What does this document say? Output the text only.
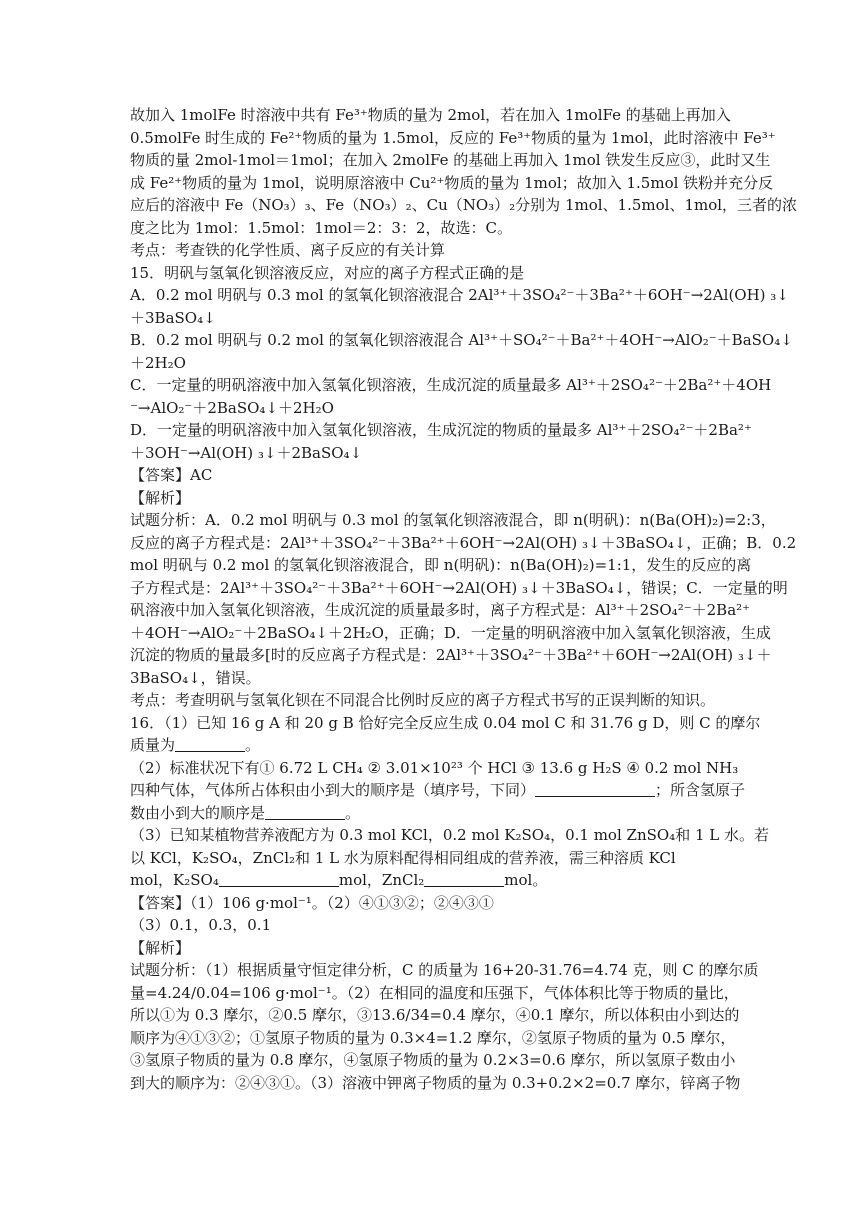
故加入 1molFe 时溶液中共有 Fe³⁺物质的量为 2mol，若在加入 1molFe 的基础上再加入
0.5molFe 时生成的 Fe²⁺物质的量为 1.5mol，反应的 Fe³⁺物质的量为 1mol，此时溶液中 Fe³⁺
物质的量 2mol-1mol＝1mol；在加入 2molFe 的基础上再加入 1mol 铁发生反应③，此时又生
成 Fe²⁺物质的量为 1mol，说明原溶液中 Cu²⁺物质的量为 1mol；故加入 1.5mol 铁粉并充分反
应后的溶液中 Fe（NO₃）₃、Fe（NO₃）₂、Cu（NO₃）₂分别为 1mol、1.5mol、1mol，三者的浓
度之比为 1mol：1.5mol：1mol＝2：3：2，故选：C。
考点：考查铁的化学性质、离子反应的有关计算
15．明矾与氢氧化钡溶液反应，对应的离子方程式正确的是
A．0.2 mol 明矾与 0.3 mol 的氢氧化钡溶液混合 2Al³⁺＋3SO₄²⁻＋3Ba²⁺＋6OH⁻→2Al(OH) ₃↓
＋3BaSO₄↓
B．0.2 mol 明矾与 0.2 mol 的氢氧化钡溶液混合 Al³⁺＋SO₄²⁻＋Ba²⁺＋4OH⁻→AlO₂⁻＋BaSO₄↓
＋2H₂O
C．一定量的明矾溶液中加入氢氧化钡溶液，生成沉淀的质量最多 Al³⁺＋2SO₄²⁻＋2Ba²⁺＋4OH
⁻→AlO₂⁻＋2BaSO₄↓＋2H₂O
D．一定量的明矾溶液中加入氢氧化钡溶液，生成沉淀的物质的量最多 Al³⁺＋2SO₄²⁻＋2Ba²⁺
＋3OH⁻→Al(OH) ₃↓＋2BaSO₄↓
【答案】AC
【解析】
试题分析：A．0.2 mol 明矾与 0.3 mol 的氢氧化钡溶液混合，即 n(明矾)：n(Ba(OH)₂)=2:3，
反应的离子方程式是：2Al³⁺＋3SO₄²⁻＋3Ba²⁺＋6OH⁻→2Al(OH) ₃↓＋3BaSO₄↓，正确；B．0.2
mol 明矾与 0.2 mol 的氢氧化钡溶液混合，即 n(明矾)：n(Ba(OH)₂)=1:1，发生的反应的离
子方程式是：2Al³⁺＋3SO₄²⁻＋3Ba²⁺＋6OH⁻→2Al(OH) ₃↓＋3BaSO₄↓，错误；C．一定量的明
矾溶液中加入氢氧化钡溶液，生成沉淀的质量最多时，离子方程式是：Al³⁺＋2SO₄²⁻＋2Ba²⁺
＋4OH⁻→AlO₂⁻＋2BaSO₄↓＋2H₂O，正确；D．一定量的明矾溶液中加入氢氧化钡溶液，生成
沉淀的物质的量最多[时的反应离子方程式是：2Al³⁺＋3SO₄²⁻＋3Ba²⁺＋6OH⁻→2Al(OH) ₃↓＋
3BaSO₄↓，错误。
考点：考查明矾与氢氧化钡在不同混合比例时反应的离子方程式书写的正误判断的知识。
16．（1）已知 16 g A 和 20 g B 恰好完全反应生成 0.04 mol C 和 31.76 g D，则 C 的摩尔
质量为	。
（2）标准状况下有① 6.72 L CH₄ ② 3.01×10²³ 个 HCl ③ 13.6 g H₂S ④ 0.2 mol NH₃
四种气体，气体所占体积由小到大的顺序是（填序号，下同）	；所含氢原子
数由小到大的顺序是	。
（3）已知某植物营养液配方为 0.3 mol KCl，0.2 mol K₂SO₄，0.1 mol ZnSO₄和 1 L 水。若
以 KCl，K₂SO₄，ZnCl₂和 1 L 水为原料配得相同组成的营养液，需三种溶质 KCl
mol，K₂SO₄	mol，ZnCl₂	mol。
【答案】（1）106 g·mol⁻¹。（2）④①③②；②④③①
（3）0.1，0.3，0.1
【解析】
试题分析：（1）根据质量守恒定律分析，C 的质量为 16+20-31.76=4.74 克，则 C 的摩尔质
量=4.24/0.04=106 g·mol⁻¹。（2）在相同的温度和压强下，气体体积比等于物质的量比，
所以①为 0.3 摩尔，②0.5 摩尔，③13.6/34=0.4 摩尔，④0.1 摩尔，所以体积由小到达的
顺序为④①③②；①氢原子物质的量为 0.3×4=1.2 摩尔，②氢原子物质的量为 0.5 摩尔，
③氢原子物质的量为 0.8 摩尔，④氢原子物质的量为 0.2×3=0.6 摩尔，所以氢原子数由小
到大的顺序为：②④③①。（3）溶液中钾离子物质的量为 0.3+0.2×2=0.7 摩尔，锌离子物
